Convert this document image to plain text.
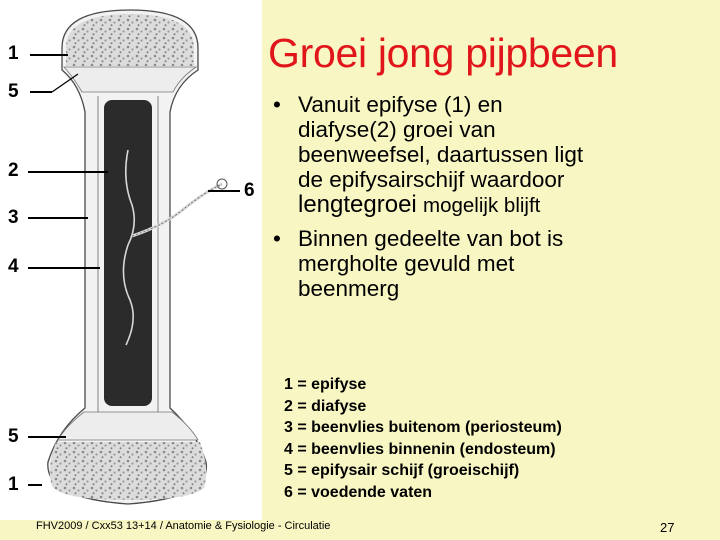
1
5
2
3
4
6
5
1
Groei jong pijpbeen
• Vanuit epifyse (1) en
diafyse(2) groei van
beenweefsel, daartussen ligt
de epifysairschijf waardoor
lengtegroei mogelijk blijft
• Binnen gedeelte van bot is
mergholte gevuld met
beenmerg
1 = epifyse
2 = diafyse
3 = beenvlies buitenom (periosteum)
4 = beenvlies binnenin (endosteum)
5 = epifysair schijf (groeischijf)
6 = voedende vaten
FHV2009 / Cxx53 13+14 / Anatomie & Fysiologie - Circulatie	27
